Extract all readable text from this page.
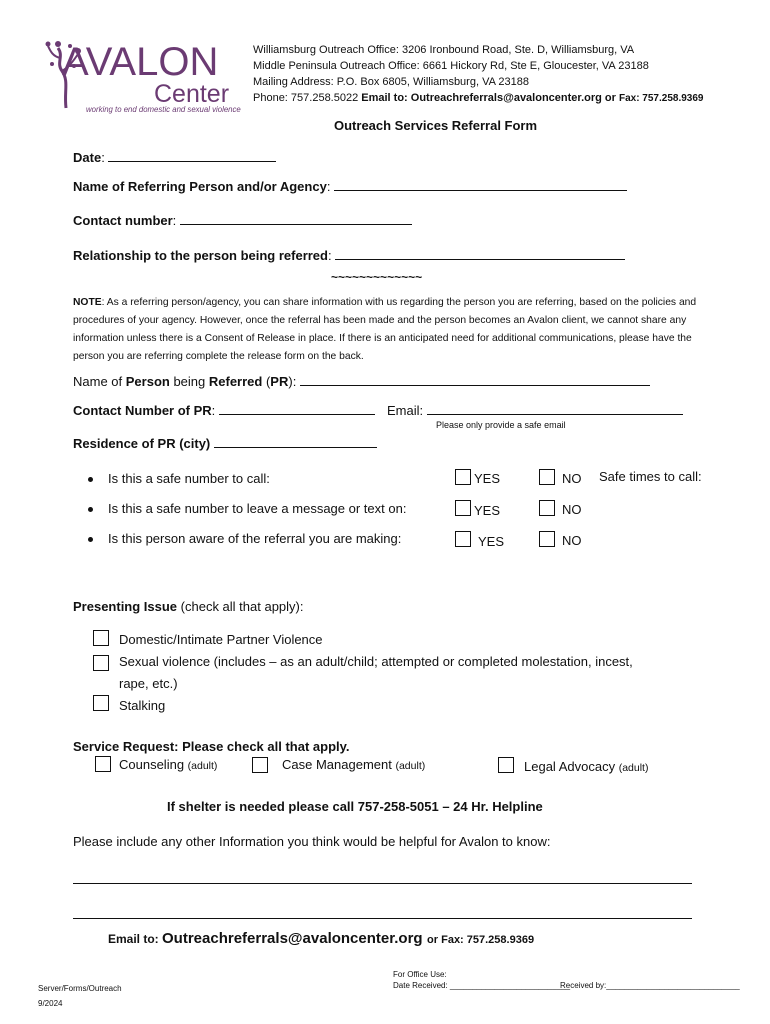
AVALON
Center
working to end domestic and sexual violence
Williamsburg Outreach Office: 3206 Ironbound Road, Ste. D, Williamsburg, VA
Middle Peninsula Outreach Office: 6661 Hickory Rd, Ste E, Gloucester, VA 23188
Mailing Address: P.O. Box 6805, Williamsburg, VA 23188
Phone: 757.258.5022 Email to: Outreachreferrals@avaloncenter.org or Fax: 757.258.9369
Outreach Services Referral Form
Date:
Name of Referring Person and/or Agency:
Contact number:
Relationship to the person being referred:
~~~~~~~~~~~~~
NOTE: As a referring person/agency, you can share information with us regarding the person you are referring, based on the policies and procedures of your agency. However, once the referral has been made and the person becomes an Avalon client, we cannot share any information unless there is a Consent of Release in place. If there is an anticipated need for additional communications, please have the person you are referring complete the release form on the back.
Name of Person being Referred (PR):
Contact Number of PR:	Email:
Please only provide a safe email
Residence of PR (city)
Is this a safe number to call:	YES	NO Safe times to call:
Is this a safe number to leave a message or text on:	YES	NO
Is this person aware of the referral you are making:	YES	NO
Presenting Issue (check all that apply):
Domestic/Intimate Partner Violence
Sexual violence (includes – as an adult/child; attempted or completed molestation, incest,
rape, etc.)
Stalking
Service Request: Please check all that apply.
Counseling (adult)	Case Management (adult)	Legal Advocacy (adult)
If shelter is needed please call 757-258-5051 – 24 Hr. Helpline
Please include any other Information you think would be helpful for Avalon to know:
Email to: Outreachreferrals@avaloncenter.org or Fax: 757.258.9369
Server/Forms/Outreach
9/2024
For Office Use:
Date Received: ___________________________
Received by:______________________________
